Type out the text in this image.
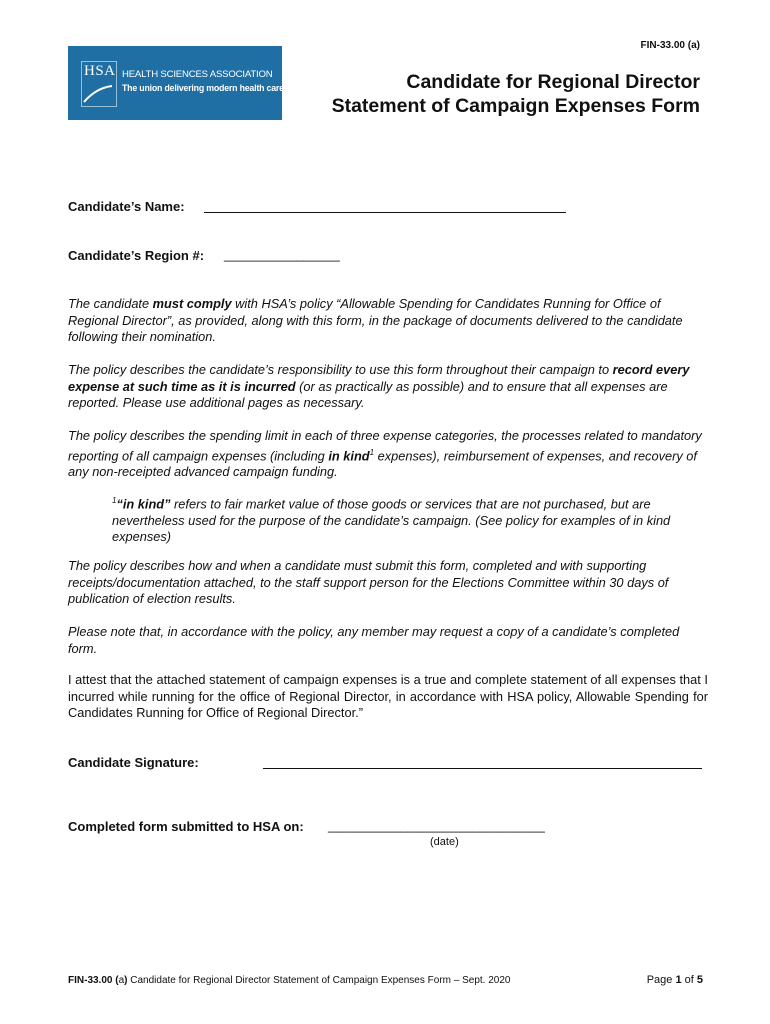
HSA HEALTH SCIENCES ASSOCIATION
The union delivering modern health care
FIN-33.00 (a)
Candidate for Regional Director
Statement of Campaign Expenses Form
Candidate’s Name:
Candidate’s Region #: ________________

The candidate must comply with HSA’s policy “Allowable Spending for Candidates Running for Office of Regional Director”, as provided, along with this form, in the package of documents delivered to the candidate following their nomination.

The policy describes the candidate’s responsibility to use this form throughout their campaign to record every expense at such time as it is incurred (or as practically as possible) and to ensure that all expenses are reported. Please use additional pages as necessary.

The policy describes the spending limit in each of three expense categories, the processes related to mandatory reporting of all campaign expenses (including in kind$^1$ expenses), reimbursement of expenses, and recovery of any non-receipted advanced campaign funding.

$^1$“in kind” refers to fair market value of those goods or services that are not purchased, but are nevertheless used for the purpose of the candidate’s campaign. (See policy for examples of in kind expenses)

The policy describes how and when a candidate must submit this form, completed and with supporting receipts/documentation attached, to the staff support person for the Elections Committee within 30 days of publication of election results.

Please note that, in accordance with the policy, any member may request a copy of a candidate’s completed form.

I attest that the attached statement of campaign expenses is a true and complete statement of all expenses that I incurred while running for the office of Regional Director, in accordance with HSA policy, Allowable Spending for Candidates Running for Office of Regional Director.”

Candidate Signature:
Completed form submitted to HSA on: ______________________________
(date)
FIN-33.00 (a) Candidate for Regional Director Statement of Campaign Expenses Form – Sept. 2020	Page 1 of 5
